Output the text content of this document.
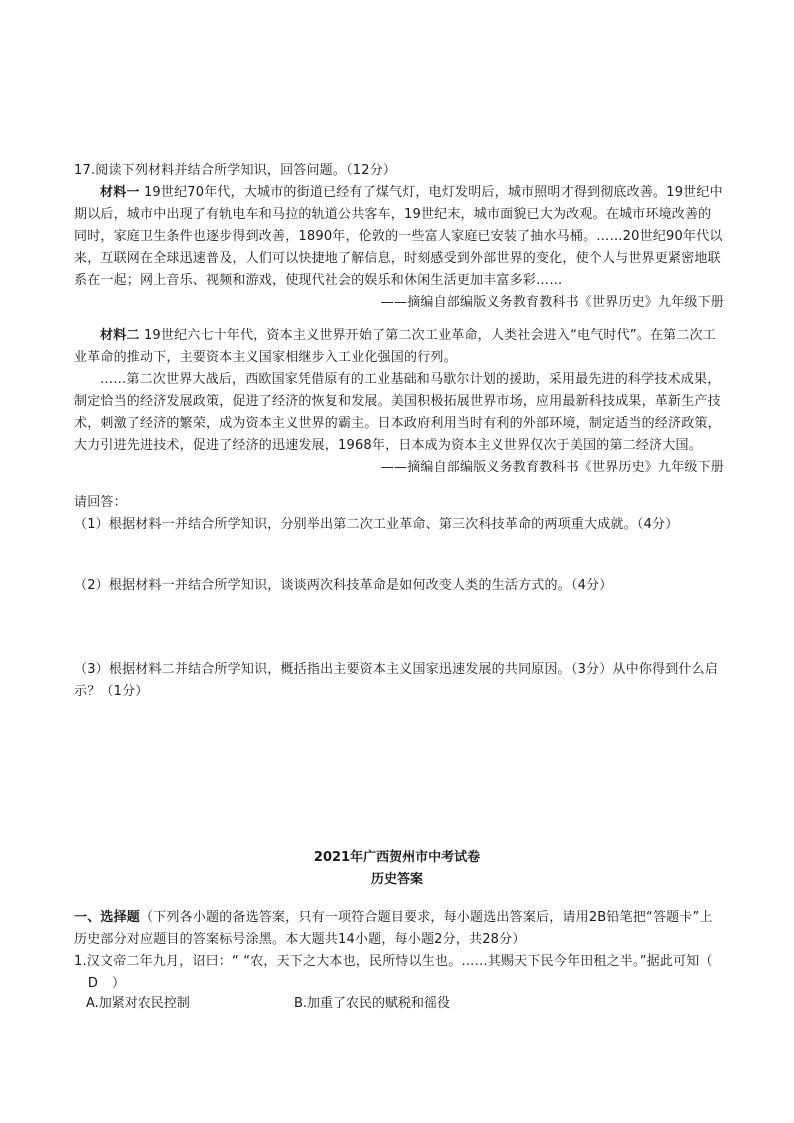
17.阅读下列材料并结合所学知识，回答问题。（12分）
材料一 19世纪70年代，大城市的街道已经有了煤气灯，电灯发明后，城市照明才得到彻底改善。19世纪中期以后，城市中出现了有轨电车和马拉的轨道公共客车，19世纪末，城市面貌已大为改观。在城市环境改善的同时，家庭卫生条件也逐步得到改善，1890年，伦敦的一些富人家庭已安装了抽水马桶。……20世纪90年代以来，互联网在全球迅速普及，人们可以快捷地了解信息，时刻感受到外部世界的变化，使个人与世界更紧密地联系在一起；网上音乐、视频和游戏，使现代社会的娱乐和休闲生活更加丰富多彩……
——摘编自部编版义务教育教科书《世界历史》九年级下册
材料二 19世纪六七十年代，资本主义世界开始了第二次工业革命，人类社会进入“电气时代”。在第二次工业革命的推动下，主要资本主义国家相继步入工业化强国的行列。
……第二次世界大战后，西欧国家凭借原有的工业基础和马歇尔计划的援助，采用最先进的科学技术成果，制定恰当的经济发展政策，促进了经济的恢复和发展。美国积极拓展世界市场，应用最新科技成果，革新生产技术，刺激了经济的繁荣，成为资本主义世界的霸主。日本政府利用当时有利的外部环境，制定适当的经济政策，大力引进先进技术，促进了经济的迅速发展，1968年，日本成为资本主义世界仅次于美国的第二经济大国。
——摘编自部编版义务教育教科书《世界历史》九年级下册
请回答：
（1）根据材料一并结合所学知识，分别举出第二次工业革命、第三次科技革命的两项重大成就。（4分）
（2）根据材料一并结合所学知识，谈谈两次科技革命是如何改变人类的生活方式的。（4分）
（3）根据材料二并结合所学知识，概括指出主要资本主义国家迅速发展的共同原因。（3分）从中你得到什么启示？（1分）
2021年广西贺州市中考试卷
历史答案
一、选择题（下列各小题的备选答案，只有一项符合题目要求，每小题选出答案后，请用2B铅笔把“答题卡”上历史部分对应题目的答案标号涂黑。本大题共14小题，每小题2分，共28分）
1.汉文帝二年九月，诏曰：“ “农，天下之大本也，民所恃以生也。……其赐天下民今年田租之半。”据此可知（D ）
A.加紧对农民控制	B.加重了农民的赋税和徭役
